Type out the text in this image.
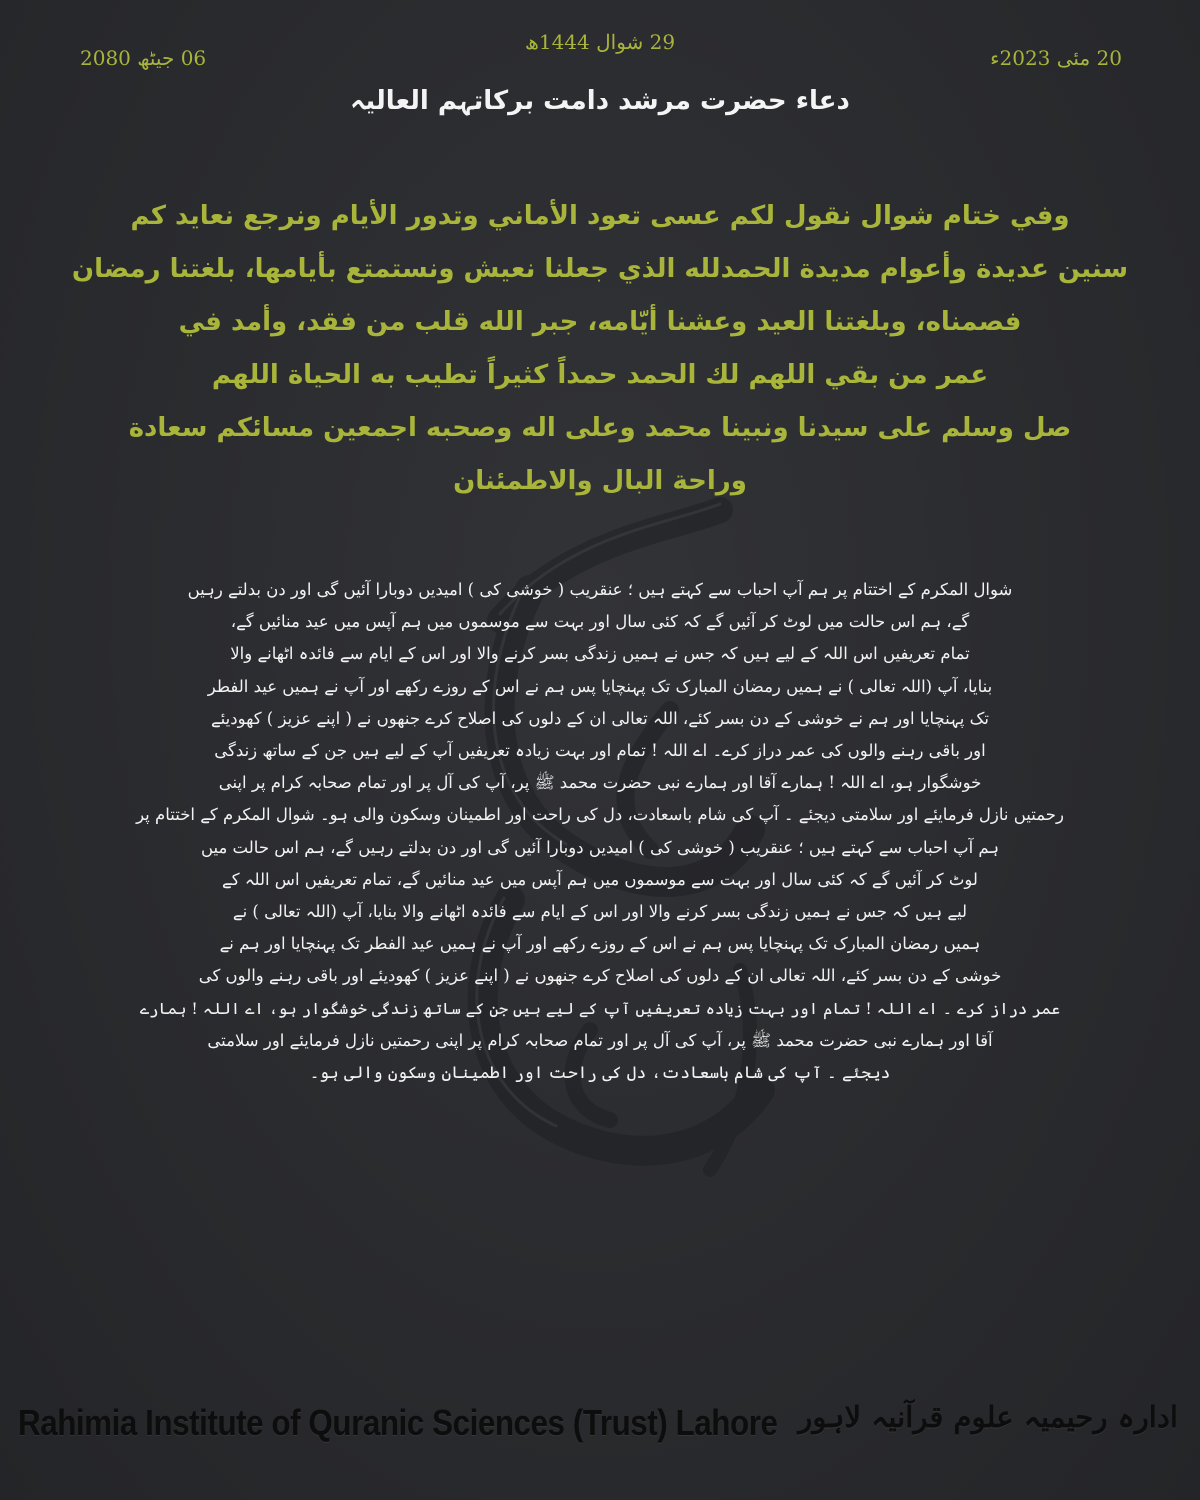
29 شوال 1444ھ
20 مئی 2023ء
06 جیٹھ 2080
دعاء حضرت مرشد دامت برکاتہم العالیہ
وفي ختام شوال نقول لكم عسى تعود الأماني وتدور الأيام ونرجع نعايد كم
سنين عديدة وأعوام مديدة الحمدلله الذي جعلنا نعيش ونستمتع بأيامها، بلغتنا رمضان
فصمناه، وبلغتنا العيد وعشنا أيّامه، جبر الله قلب من فقد، وأمد في
عمر من بقي اللهم لك الحمد حمداً كثيراً تطيب به الحياة اللهم
صل وسلم على سيدنا ونبينا محمد وعلى اله وصحبه اجمعين مسائكم سعادة
وراحة البال والاطمئنان
شوال المکرم کے اختتام پر ہم آپ احباب سے کہتے ہیں ؛ عنقریب ( خوشی کی ) امیدیں دوبارا آئیں گی اور دن بدلتے رہیں
گے، ہم اس حالت میں لوٹ کر آئیں گے کہ کئی سال اور بہت سے موسموں میں ہم آپس میں عید منائیں گے،
تمام تعریفیں اس اللہ کے لیے ہیں کہ جس نے ہمیں زندگی بسر کرنے والا اور اس کے ایام سے فائدہ اٹھانے والا
بنایا، آپ (اللہ تعالی ) نے ہمیں رمضان المبارک تک پہنچایا پس ہم نے اس کے روزے رکھے اور آپ نے ہمیں عید الفطر
تک پہنچایا اور ہم نے خوشی کے دن بسر کئے، اللہ تعالی ان کے دلوں کی اصلاح کرے جنھوں نے ( اپنے عزیز ) کھودیئے
اور باقی رہنے والوں کی عمر دراز کرے۔ اے اللہ ! تمام اور بہت زیادہ تعریفیں آپ کے لیے ہیں جن کے ساتھ زندگی
خوشگوار ہو، اے اللہ ! ہمارے آقا اور ہمارے نبی حضرت محمد ﷺ پر، آپ کی آل پر اور تمام صحابہ کرام پر اپنی
رحمتیں نازل فرمایئے اور سلامتی دیجئے ۔ آپ کی شام باسعادت، دل کی راحت اور اطمینان وسکون والی ہو۔ شوال المکرم کے اختتام پر
ہم آپ احباب سے کہتے ہیں ؛ عنقریب ( خوشی کی ) امیدیں دوبارا آئیں گی اور دن بدلتے رہیں گے، ہم اس حالت میں
لوٹ کر آئیں گے کہ کئی سال اور بہت سے موسموں میں ہم آپس میں عید منائیں گے، تمام تعریفیں اس اللہ کے
لیے ہیں کہ جس نے ہمیں زندگی بسر کرنے والا اور اس کے ایام سے فائدہ اٹھانے والا بنایا، آپ (اللہ تعالی ) نے
ہمیں رمضان المبارک تک پہنچایا پس ہم نے اس کے روزے رکھے اور آپ نے ہمیں عید الفطر تک پہنچایا اور ہم نے
خوشی کے دن بسر کئے، اللہ تعالی ان کے دلوں کی اصلاح کرے جنھوں نے ( اپنے عزیز ) کھودیئے اور باقی رہنے والوں کی
عمر دراز کرے ۔ اے اللہ ! تمام اور بہت زیادہ تعریفیں آپ کے لیے ہیں جن کے ساتھ زندگی خوشگوار ہو، اے اللہ ! ہمارے
آقا اور ہمارے نبی حضرت محمد ﷺ پر، آپ کی آل پر اور تمام صحابہ کرام پر اپنی رحمتیں نازل فرمایئے اور سلامتی
دیجئے ۔ آپ کی شام باسعادت، دل کی راحت اور اطمینان وسکون والی ہو۔
Rahimia Institute of Quranic Sciences (Trust) Lahore ادارہ رحیمیہ علوم قرآنیہ لاہور
